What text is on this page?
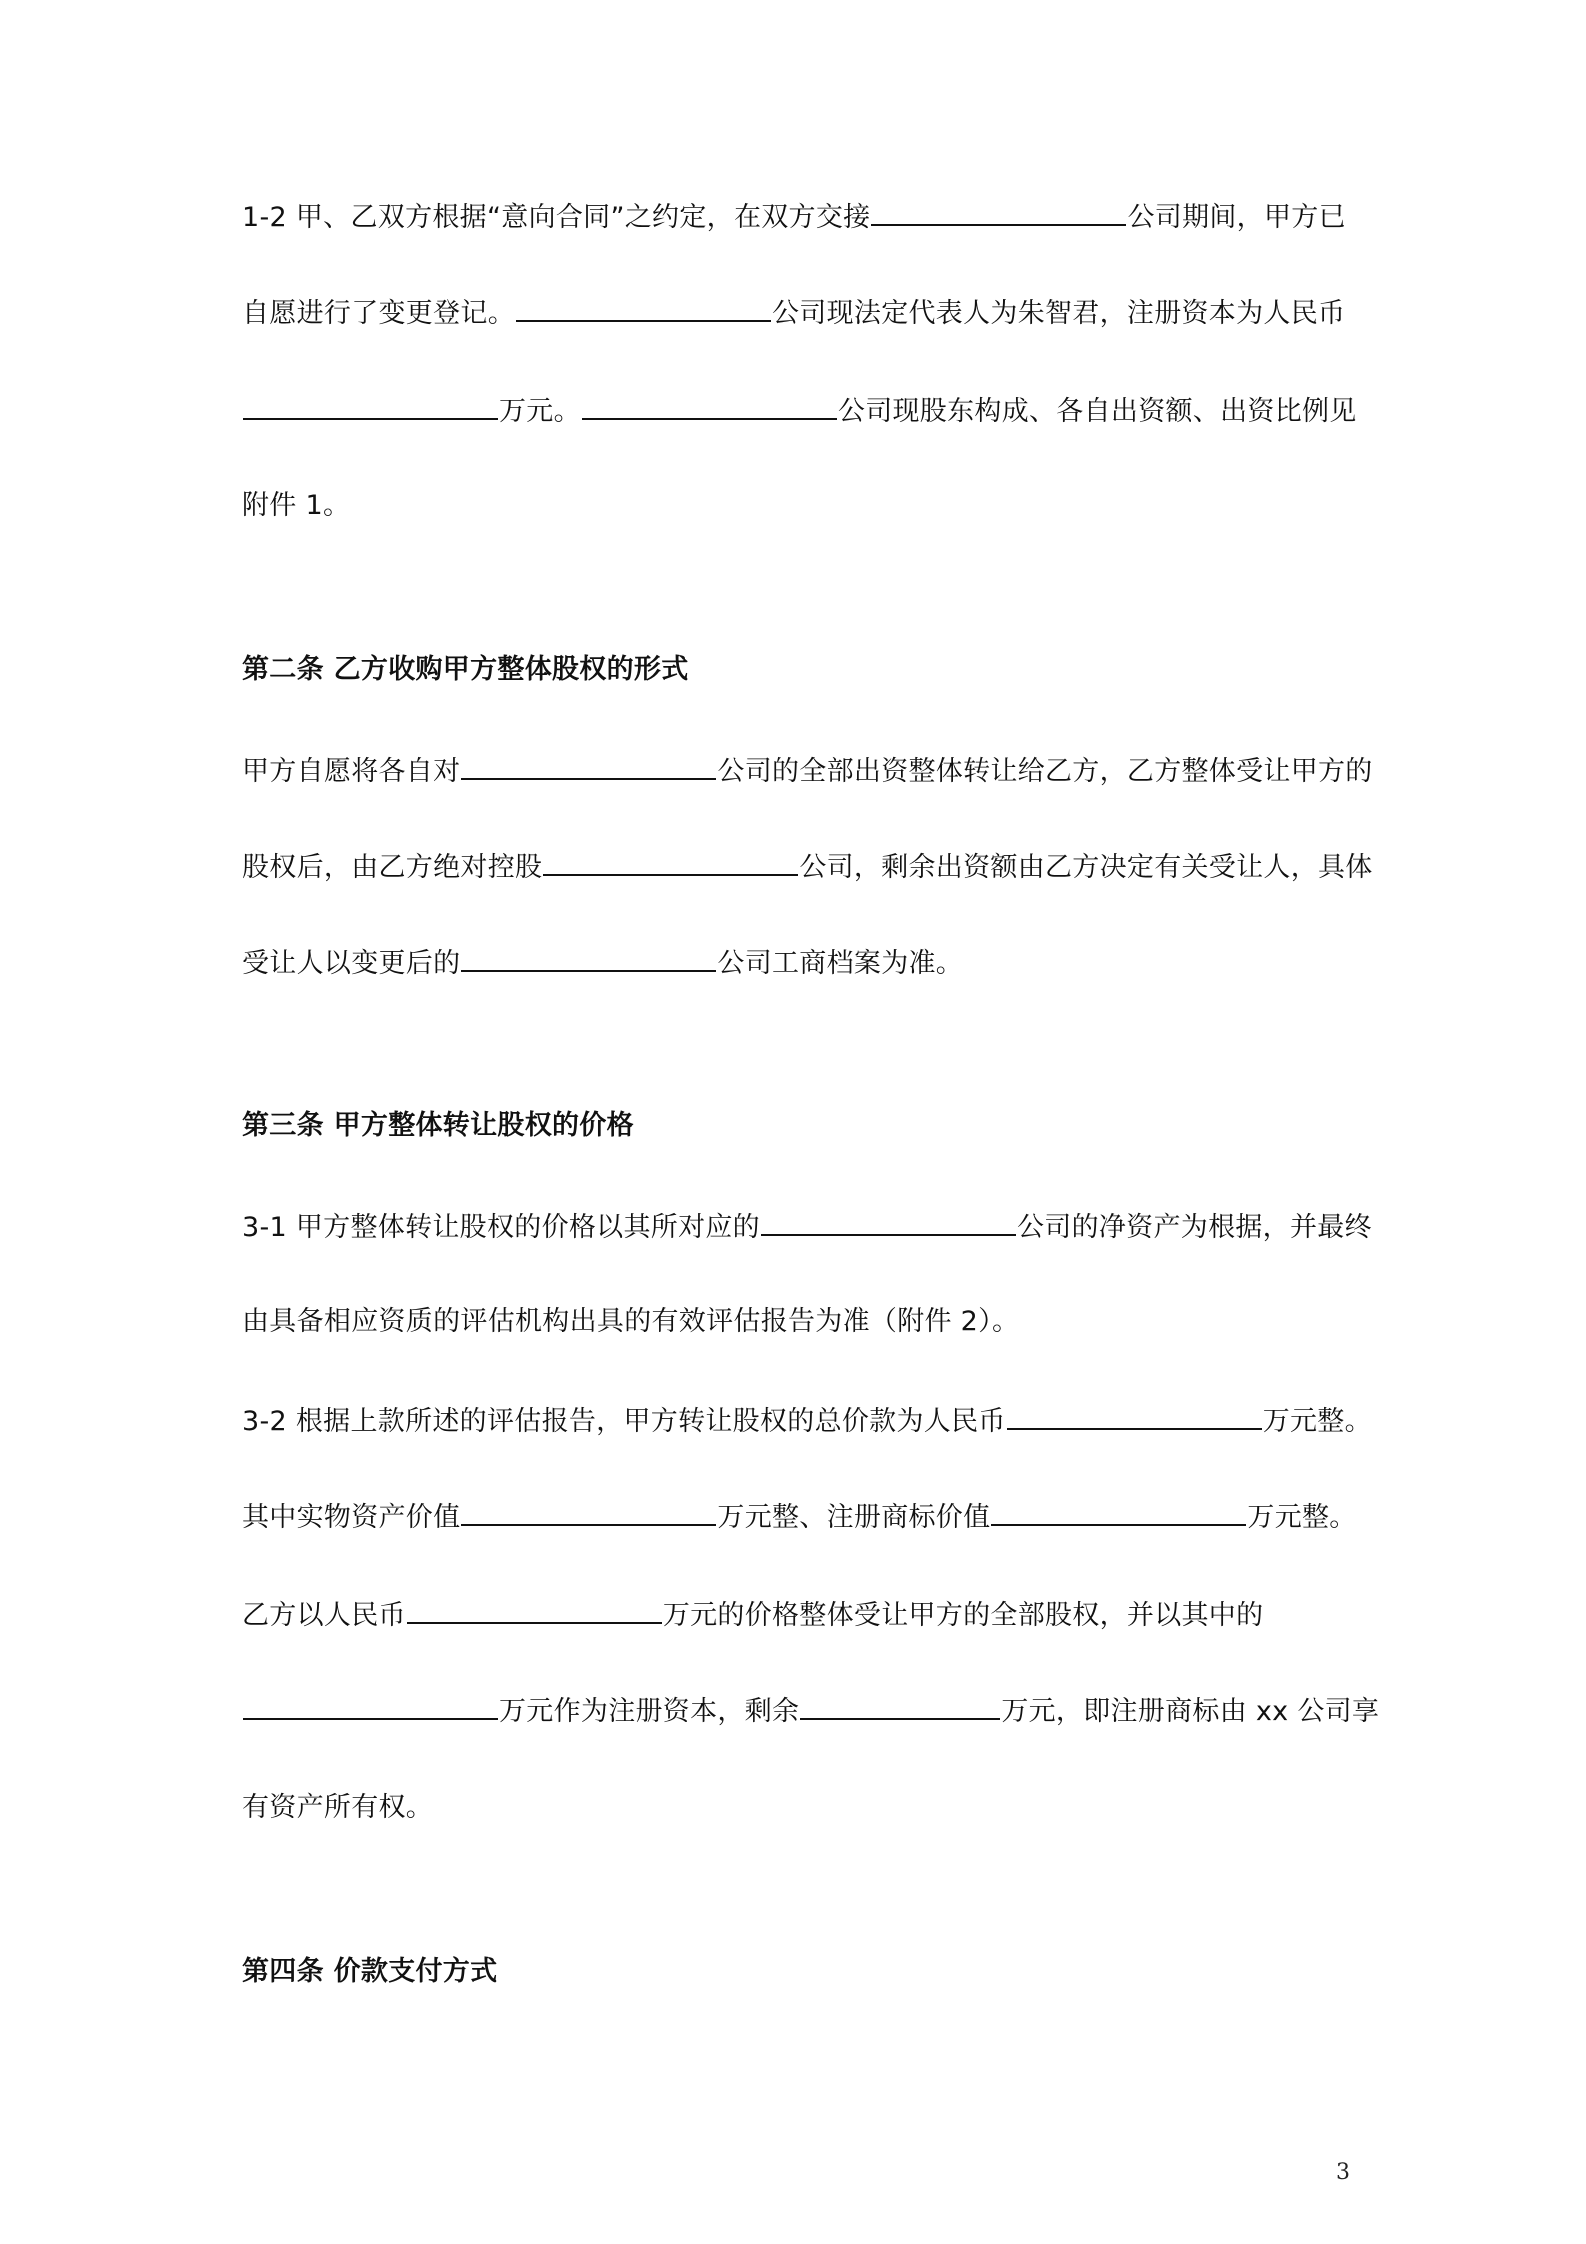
1-2 甲、乙双方根据“意向合同”之约定，在双方交接	公司期间，甲方已
自愿进行了变更登记。	公司现法定代表人为朱智君，注册资本为人民币
万元。	公司现股东构成、各自出资额、出资比例见
附件 1。
第二条 乙方收购甲方整体股权的形式
甲方自愿将各自对	公司的全部出资整体转让给乙方，乙方整体受让甲方的
股权后，由乙方绝对控股	公司，剩余出资额由乙方决定有关受让人，具体
受让人以变更后的	公司工商档案为准。
第三条 甲方整体转让股权的价格
3-1 甲方整体转让股权的价格以其所对应的	公司的净资产为根据，并最终
由具备相应资质的评估机构出具的有效评估报告为准（附件 2）。
3-2 根据上款所述的评估报告，甲方转让股权的总价款为人民币	万元整。
其中实物资产价值	万元整、注册商标价值	万元整。
乙方以人民币	万元的价格整体受让甲方的全部股权，并以其中的
万元作为注册资本，剩余	万元，即注册商标由 xx 公司享
有资产所有权。
第四条 价款支付方式
3
